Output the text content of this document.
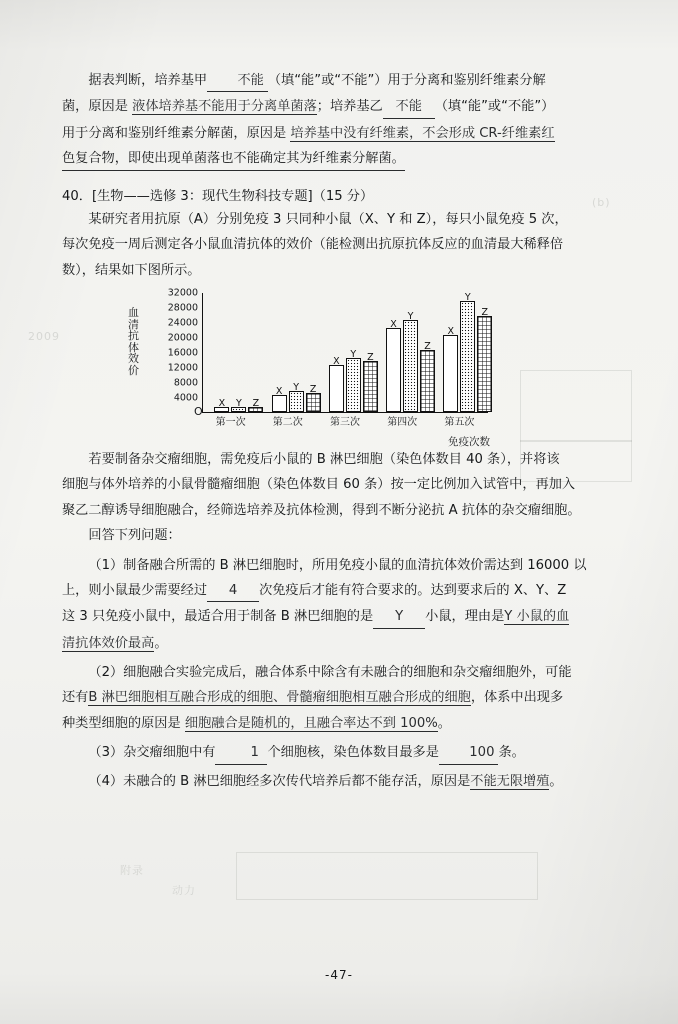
(b)
2009
附录
动力

据表判断，培养基甲 不能 （填“能”或“不能”）用于分离和鉴别纤维素分解

菌，原因是 液体培养基不能用于分离单菌落；培养基乙 不能 （填“能”或“不能”）

用于分离和鉴别纤维素分解菌，原因是 培养基中没有纤维素，不会形成 CR-纤维素红

色复合物，即使出现单菌落也不能确定其为纤维素分解菌。

40．[生物——选修 3：现代生物科技专题]（15 分）

某研究者用抗原（A）分别免疫 3 只同种小鼠（X、Y 和 Z），每只小鼠免疫 5 次，

每次免疫一周后测定各小鼠血清抗体的效价（能检测出抗原抗体反应的血清最大稀释倍

数），结果如下图所示。

血清抗体效价
4000
8000
12000
16000
20000
24000
28000
32000
X Y Z
X Y Z
X
Y Z
X
Y
Z
X
Y
Z
第一次	第二次	第三次	第四次	第五次
免疫次数
O

若要制备杂交瘤细胞，需免疫后小鼠的 B 淋巴细胞（染色体数目 40 条），并将该

细胞与体外培养的小鼠骨髓瘤细胞（染色体数目 60 条）按一定比例加入试管中，再加入

聚乙二醇诱导细胞融合，经筛选培养及抗体检测，得到不断分泌抗 A 抗体的杂交瘤细胞。

回答下列问题：

（1）制备融合所需的 B 淋巴细胞时，所用免疫小鼠的血清抗体效价需达到 16000 以

上，则小鼠最少需要经过 4 次免疫后才能有符合要求的。达到要求后的 X、Y、Z

这 3 只免疫小鼠中，最适合用于制备 B 淋巴细胞的是 Y 小鼠，理由是Y 小鼠的血

清抗体效价最高。

（2）细胞融合实验完成后，融合体系中除含有未融合的细胞和杂交瘤细胞外，可能

还有B 淋巴细胞相互融合形成的细胞、骨髓瘤细胞相互融合形成的细胞，体系中出现多

种类型细胞的原因是 细胞融合是随机的，且融合率达不到 100%。

（3）杂交瘤细胞中有	1 个细胞核，染色体数目最多是 100 条。

（4）未融合的 B 淋巴细胞经多次传代培养后都不能存活，原因是不能无限增殖。

-47-
